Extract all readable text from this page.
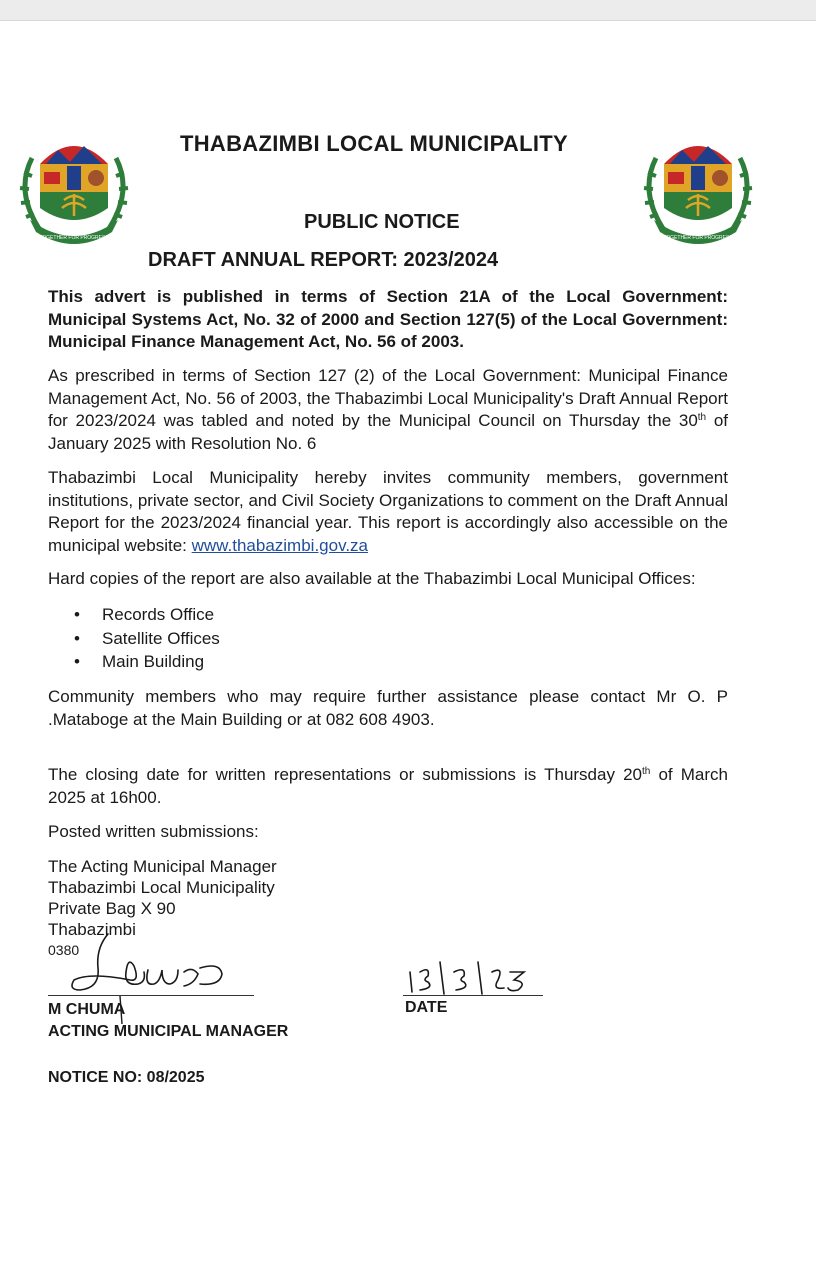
TOGETHER FOR PROGRESS	TOGETHER FOR PROGRESS
THABAZIMBI LOCAL MUNICIPALITY
PUBLIC NOTICE
DRAFT ANNUAL REPORT: 2023/2024
This advert is published in terms of Section 21A of the Local Government: Municipal Systems Act, No. 32 of 2000 and Section 127(5) of the Local Government: Municipal Finance Management Act, No. 56 of 2003.
As prescribed in terms of Section 127 (2) of the Local Government: Municipal Finance Management Act, No. 56 of 2003, the Thabazimbi Local Municipality's Draft Annual Report for 2023/2024 was tabled and noted by the Municipal Council on Thursday the 30th of January 2025 with Resolution No. 6
Thabazimbi Local Municipality hereby invites community members, government institutions, private sector, and Civil Society Organizations to comment on the Draft Annual Report for the 2023/2024 financial year. This report is accordingly also accessible on the municipal website: www.thabazimbi.gov.za
Hard copies of the report are also available at the Thabazimbi Local Municipal Offices:
• Records Office
• Satellite Offices
• Main Building
Community members who may require further assistance please contact Mr O. P .Mataboge at the Main Building or at 082 608 4903.
The closing date for written representations or submissions is Thursday 20th of March 2025 at 16h00.
Posted written submissions:
The Acting Municipal Manager
Thabazimbi Local Municipality
Private Bag X 90
Thabazimbi
0380
M CHUMA
ACTING MUNICIPAL MANAGER
DATE
NOTICE NO: 08/2025
